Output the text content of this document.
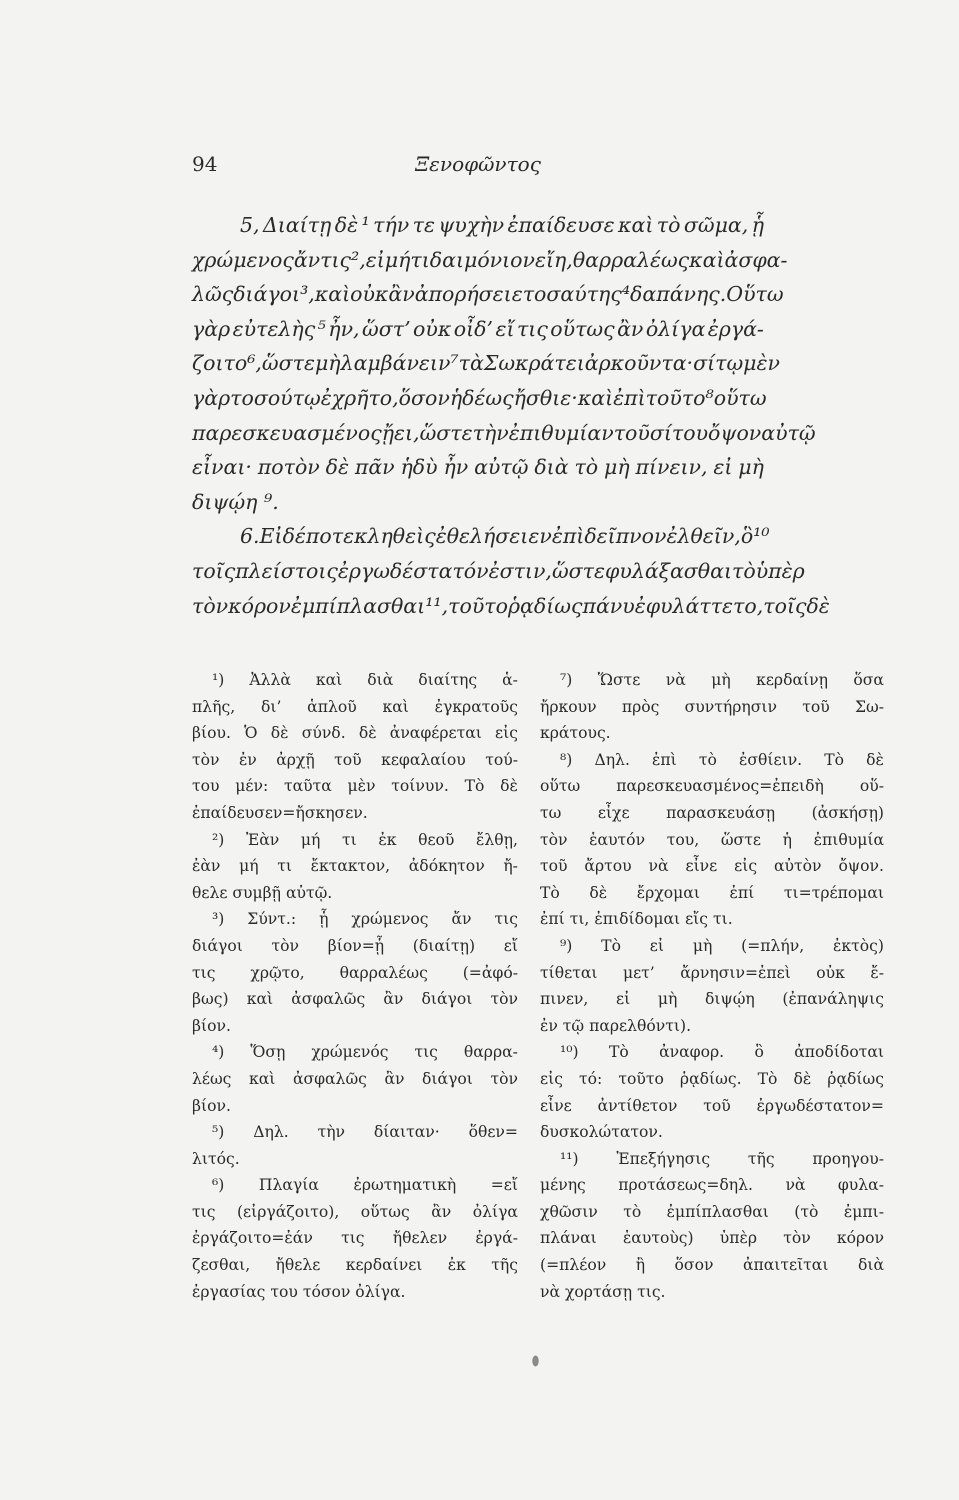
94	Ξενοφῶντος
5, Διαίτῃ δὲ ¹ τήν τε ψυχὴν ἐπαίδευσε καὶ τὸ σῶμα, ᾗ
χρώμενος ἄν τις ², εἰ μή τι δαιμόνιον εἴη, θαρραλέως καὶ ἀσφα-
λῶς διάγοι ³, καὶ οὐκ ἂν ἀπορήσειε τοσαύτης ⁴ δαπάνης. Οὕτω
γὰρ εὐτελὴς ⁵ ἦν, ὥστ’ οὐκ οἶδ’ εἴ τις οὕτως ἂν ὀλίγα ἐργά-
ζοιτο ⁶, ὥστε μὴ λαμβάνειν ⁷ τὰ Σωκράτει ἀρκοῦντα· σίτῳ μὲν
γὰρ τοσούτῳ ἐχρῆτο, ὅσον ἡδέως ἤσθιε· καὶ ἐπὶ τοῦτο ⁸ οὕτω
παρεσκευασμένος ᾔει, ὥστε τὴν ἐπιθυμίαν τοῦ σίτου ὄψον αὐτῷ
εἶναι· ποτὸν δὲ πᾶν ἡδὺ ἦν αὐτῷ διὰ τὸ μὴ πίνειν, εἰ μὴ
διψῴη ⁹.
6. Εἰ δέ ποτε κληθεὶς ἐθελήσειεν ἐπὶ δεῖπνον ἐλθεῖν, ὃ ¹⁰
τοῖς πλείστοις ἐργωδέστατόν ἐστιν, ὥστε φυλάξασθαι τὸ ὑπὲρ
τὸν κόρον ἐμπίπλασθαι ¹¹, τοῦτο ῥᾳδίως πάνυ ἐφυλάττετο, τοῖς δὲ
¹) Ἀλλὰ καὶ διὰ διαίτης ἁ-
πλῆς, δι’ ἁπλοῦ καὶ ἐγκρατοῦς
βίου. Ὁ δὲ σύνδ. δὲ ἀναφέρεται εἰς
τὸν ἐν ἀρχῇ τοῦ κεφαλαίου τού-
του μέν: ταῦτα μὲν τοίνυν. Τὸ δὲ
ἐπαίδευσεν=ἤσκησεν.
²) Ἐὰν μή τι ἐκ θεοῦ ἔλθῃ,
ἐὰν μή τι ἔκτακτον, ἀδόκητον ἤ-
θελε συμβῇ αὐτῷ.
³) Σύντ.: ᾗ χρώμενος ἄν τις
διάγοι τὸν βίον=ᾗ (διαίτῃ) εἴ
τις χρῷτο, θαρραλέως (=ἀφό-
βως) καὶ ἀσφαλῶς ἂν διάγοι τὸν
βίον.
⁴) Ὅσῃ χρώμενός τις θαρρα-
λέως καὶ ἀσφαλῶς ἂν διάγοι τὸν
βίον.
⁵) Δηλ. τὴν δίαιταν· ὅθεν=
λιτός.
⁶) Πλαγία ἐρωτηματικὴ =εἴ
τις (εἰργάζοιτο), οὕτως ἂν ὀλίγα
ἐργάζοιτο=ἐάν τις ἤθελεν ἐργά-
ζεσθαι, ἤθελε κερδαίνει ἐκ τῆς
ἐργασίας του τόσον ὀλίγα.
⁷) Ὥστε νὰ μὴ κερδαίνῃ ὅσα
ἤρκουν πρὸς συντήρησιν τοῦ Σω-
κράτους.
⁸) Δηλ. ἐπὶ τὸ ἐσθίειν. Τὸ δὲ
οὕτω παρεσκευασμένος=ἐπειδὴ οὕ-
τω εἶχε παρασκευάσῃ (ἀσκήσῃ)
τὸν ἑαυτόν του, ὥστε ἡ ἐπιθυμία
τοῦ ἄρτου νὰ εἶνε εἰς αὐτὸν ὄψον.
Τὸ δὲ ἔρχομαι ἐπί τι=τρέπομαι
ἐπί τι, ἐπιδίδομαι εἴς τι.
⁹) Τὸ εἰ μὴ (=πλήν, ἐκτὸς)
τίθεται μετ’ ἄρνησιν=ἐπεὶ οὐκ ἔ-
πινεν, εἰ μὴ διψῴη (ἐπανάληψις
ἐν τῷ παρελθόντι).
¹⁰) Τὸ ἀναφορ. ὃ ἀποδίδοται
εἰς τό: τοῦτο ῥᾳδίως. Τὸ δὲ ῥᾳδίως
εἶνε ἀντίθετον τοῦ ἐργωδέστατον=
δυσκολώτατον.
¹¹) Ἐπεξήγησις τῆς προηγου-
μένης προτάσεως=δηλ. νὰ φυλα-
χθῶσιν τὸ ἐμπίπλασθαι (τὸ ἐμπι-
πλάναι ἑαυτοὺς) ὑπὲρ τὸν κόρον
(=πλέον ἢ ὅσον ἀπαιτεῖται διὰ
νὰ χορτάσῃ τις.
